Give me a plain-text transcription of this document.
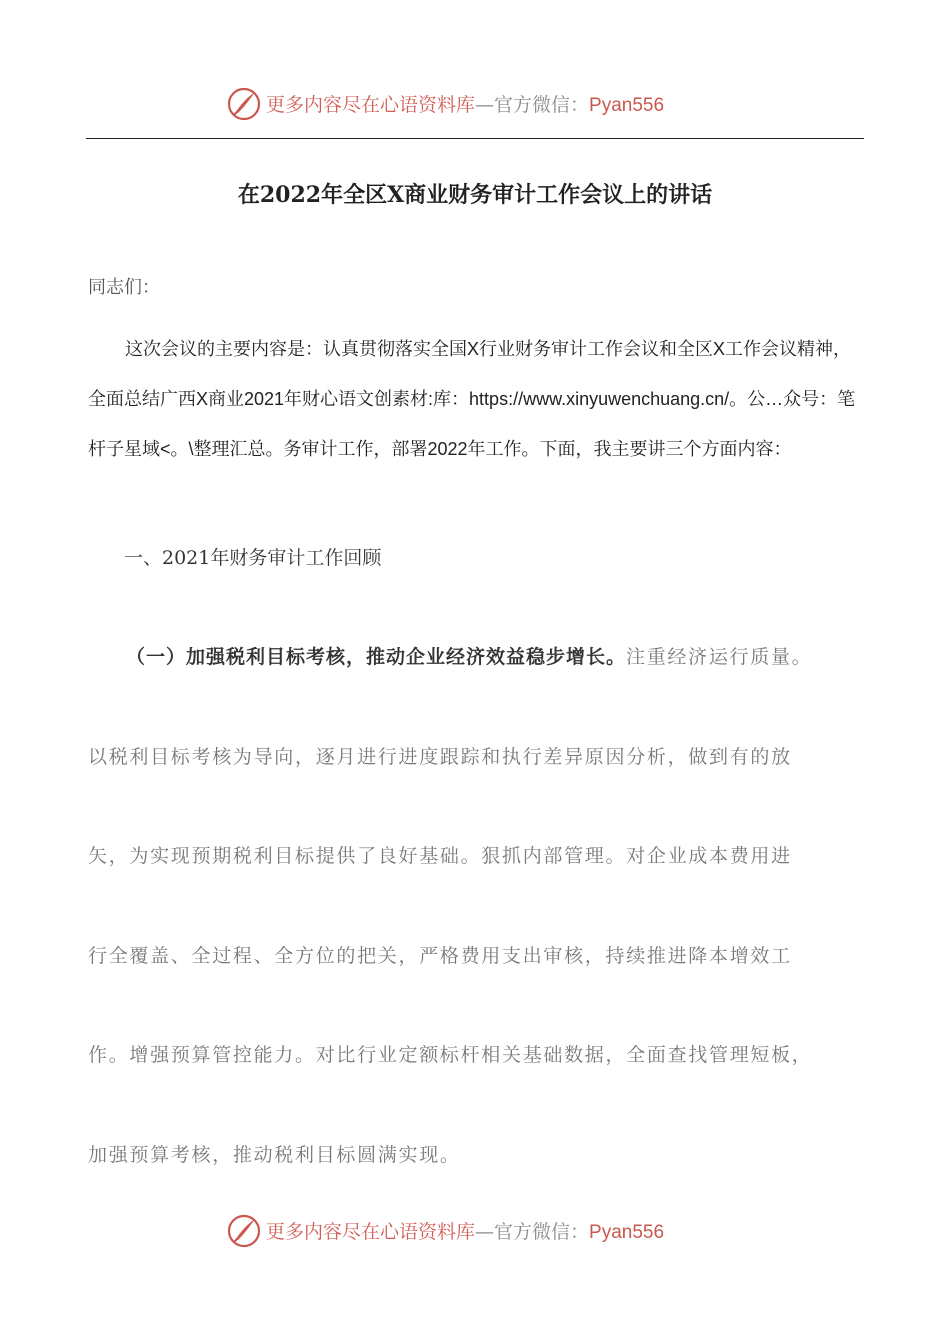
更多内容尽在心语资料库—官方微信：Pyan556
在2022年全区X商业财务审计工作会议上的讲话
同志们：

这次会议的主要内容是：认真贯彻落实全国X行业财务审计工作会议和全区X工作会议精神，全面总结广西X商业2021年财心语文创素材:库：https://www.xinyuwenchuang.cn/。公…众号：笔杆子星域<。\整理汇总。务审计工作，部署2022年工作。下面，我主要讲三个方面内容：

一、2021年财务审计工作回顾
（一）加强税利目标考核，推动企业经济效益稳步增长。注重经济运行质量。
以税利目标考核为导向，逐月进行进度跟踪和执行差异原因分析，做到有的放
矢，为实现预期税利目标提供了良好基础。狠抓内部管理。对企业成本费用进
行全覆盖、全过程、全方位的把关，严格费用支出审核，持续推进降本增效工
作。增强预算管控能力。对比行业定额标杆相关基础数据，全面查找管理短板，
加强预算考核，推动税利目标圆满实现。
更多内容尽在心语资料库—官方微信：Pyan556
